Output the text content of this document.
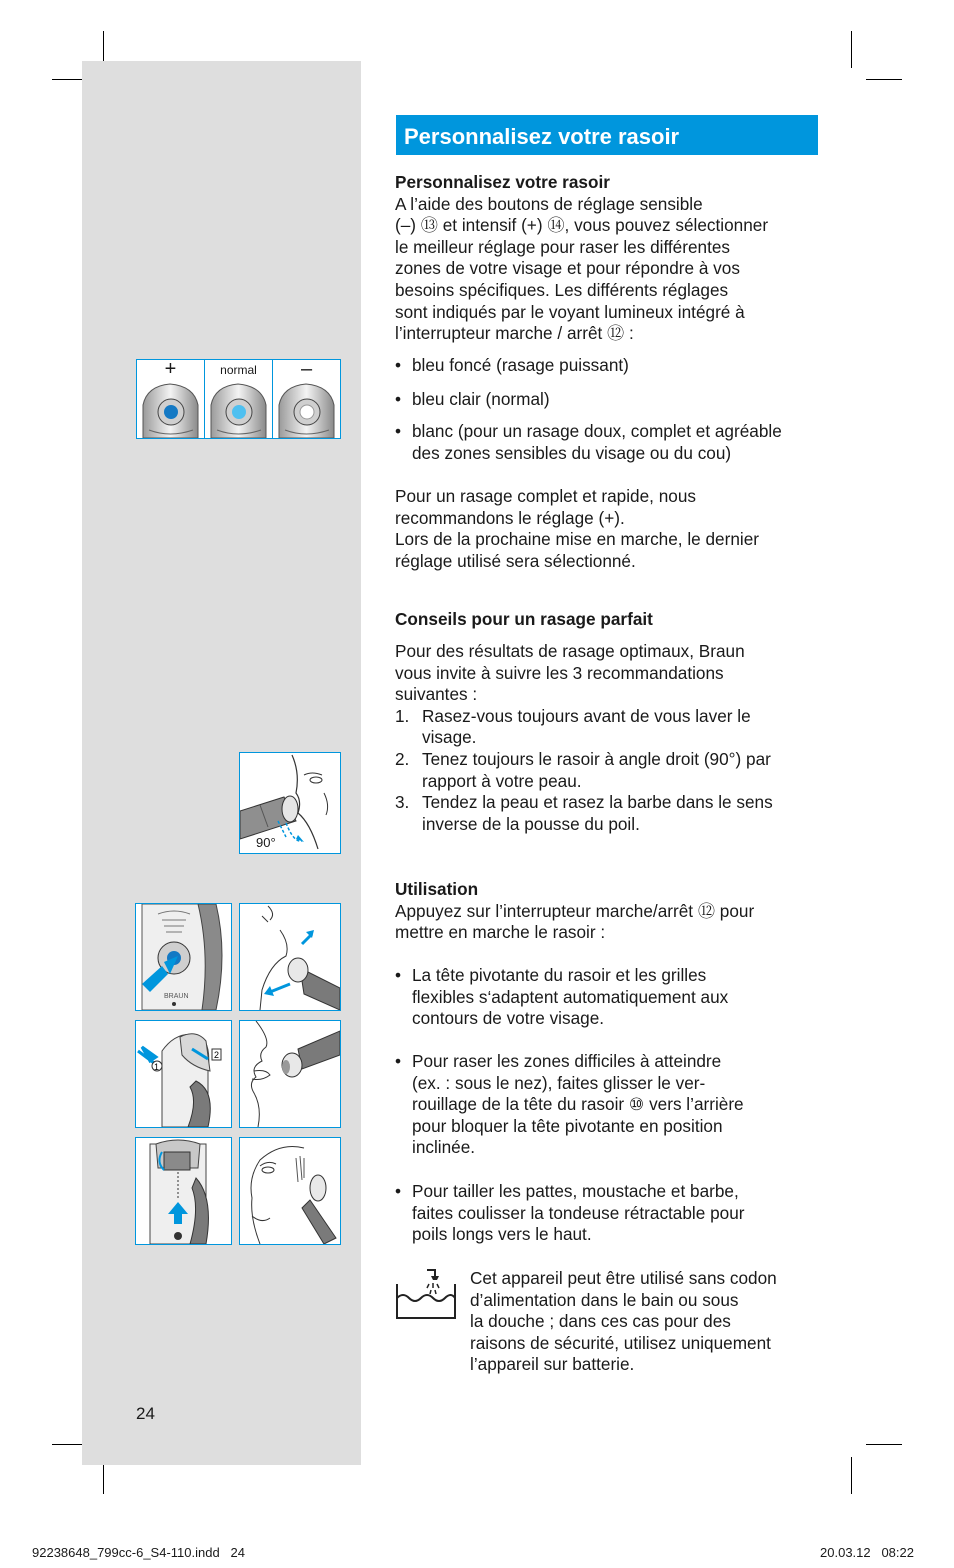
+	normal	–
90°
BRAUN
1
2
Personnalisez votre rasoir

Personnalisez votre rasoir

A l’aide des boutons de réglage sensible

(–) ⑬ et intensif (+) ⑭, vous pouvez sélectionner

le meilleur réglage pour raser les différentes

zones de votre visage et pour répondre à vos

besoins spécifiques. Les différents réglages

sont indiqués par le voyant lumineux intégré à

l’interrupteur marche / arrêt ⑫ :

• bleu foncé (rasage puissant)

• bleu clair (normal)

• blanc (pour un rasage doux, complet et agréable

des zones sensibles du visage ou du cou)

Pour un rasage complet et rapide, nous

recommandons le réglage (+).

Lors de la prochaine mise en marche, le dernier

réglage utilisé sera sélectionné.

Conseils pour un rasage parfait

Pour des résultats de rasage optimaux, Braun

vous invite à suivre les 3 recommandations

suivantes :

1. Rasez-vous toujours avant de vous laver le

visage.

2. Tenez toujours le rasoir à angle droit (90°) par

rapport à votre peau.

3. Tendez la peau et rasez la barbe dans le sens

inverse de la pousse du poil.

Utilisation

Appuyez sur l’interrupteur marche/arrêt ⑫ pour

mettre en marche le rasoir :

• La tête pivotante du rasoir et les grilles

flexibles s‘adaptent automatiquement aux

contours de votre visage.

• Pour raser les zones difficiles à atteindre

(ex. : sous le nez), faites glisser le ver-

rouillage de la tête du rasoir ⑩ vers l’arrière

pour bloquer la tête pivotante en position

inclinée.

• Pour tailler les pattes, moustache et barbe,

faites coulisser la tondeuse rétractable pour

poils longs vers le haut.

Cet appareil peut être utilisé sans codon

d’alimentation dans le bain ou sous

la douche ; dans ces cas pour des

raisons de sécurité, utilisez uniquement

l’appareil sur batterie.

24
92238648_799cc-6_S4-110.indd   24	20.03.12   08:22
